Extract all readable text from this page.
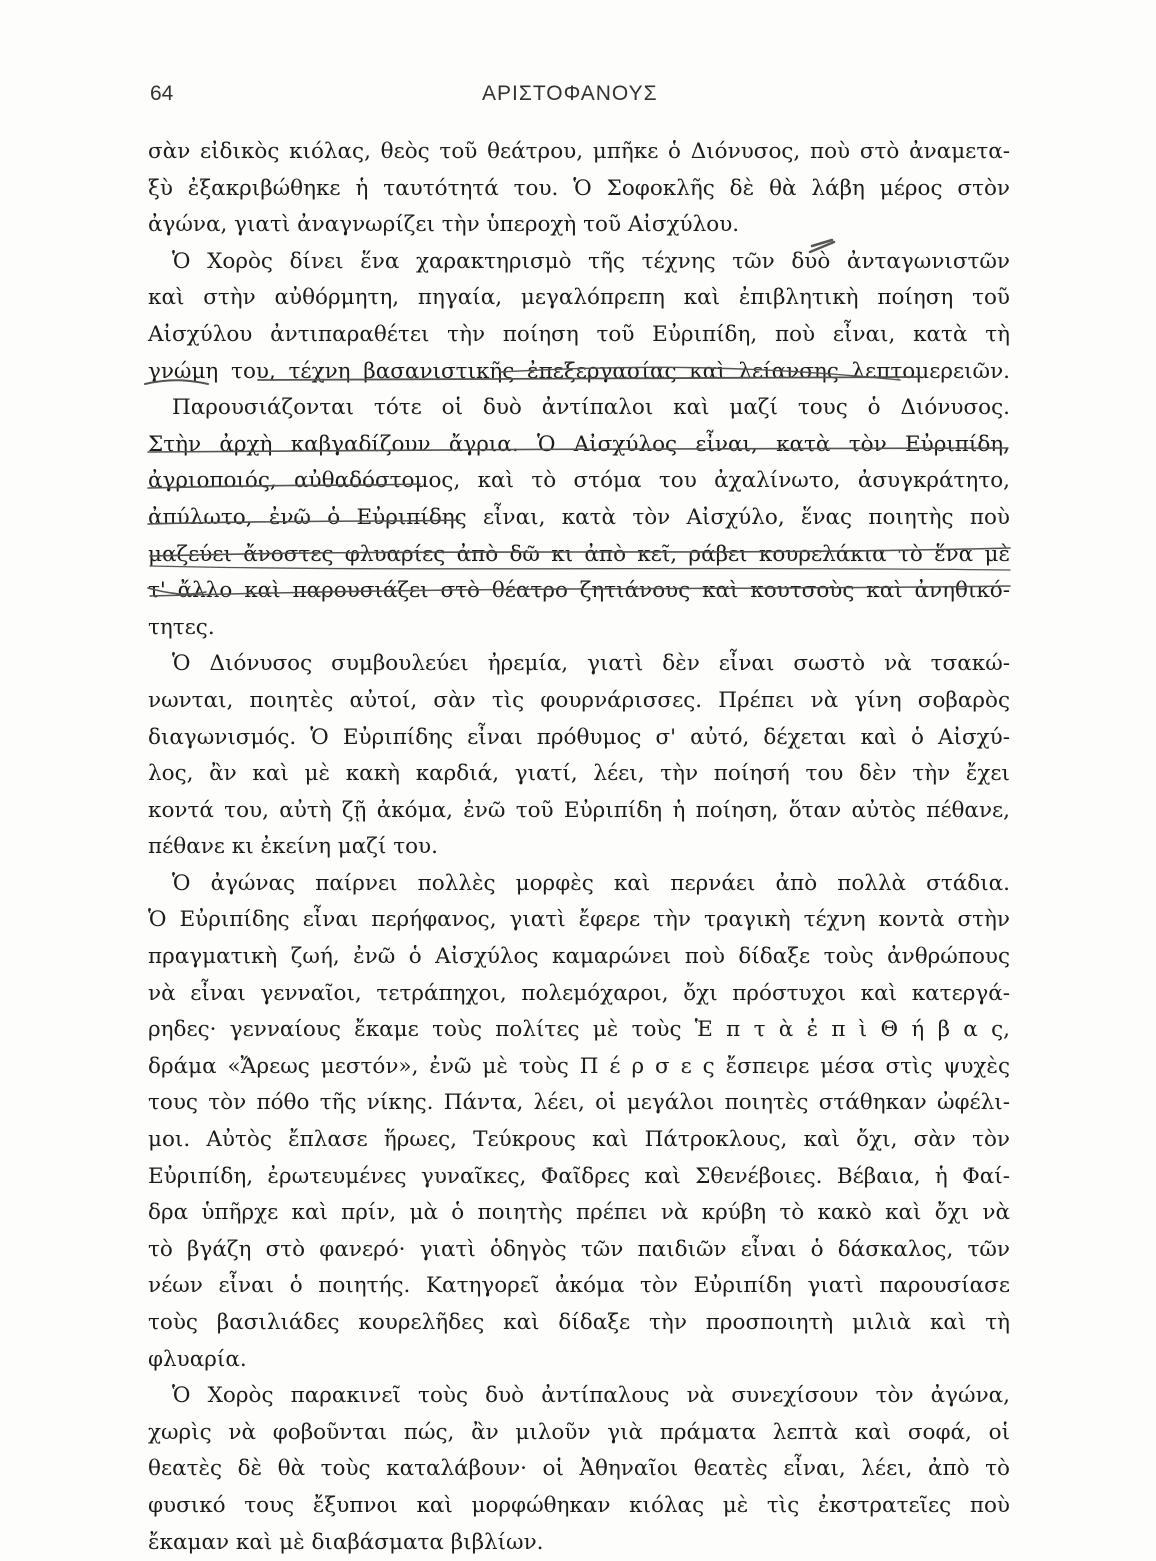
64	ΑΡΙΣΤΟΦΑΝΟΥΣ
σὰν εἰδικὸς κιόλας, θεὸς τοῦ θεάτρου, μπῆκε ὁ Διόνυσος, ποὺ στὸ ἀναμετα-
ξὺ ἐξακριβώθηκε ἡ ταυτότητά του. Ὁ Σοφοκλῆς δὲ θὰ λάβη μέρος στὸν
ἀγώνα, γιατὶ ἀναγνωρίζει τὴν ὑπεροχὴ τοῦ Αἰσχύλου.
Ὁ Χορὸς δίνει ἕνα χαρακτηρισμὸ τῆς τέχνης τῶν δυὸ ἀνταγωνιστῶν
καὶ στὴν αὐθόρμητη, πηγαία, μεγαλόπρεπη καὶ ἐπιβλητικὴ ποίηση τοῦ
Αἰσχύλου ἀντιπαραθέτει τὴν ποίηση τοῦ Εὐριπίδη, ποὺ εἶναι, κατὰ τὴ
γνώμη του, τέχνη βασανιστικῆς ἐπεξεργασίας καὶ λείανσης λεπτομερειῶν.
Παρουσιάζονται τότε οἱ δυὸ ἀντίπαλοι καὶ μαζί τους ὁ Διόνυσος.
Στὴν ἀρχὴ καβγαδίζουν ἄγρια. Ὁ Αἰσχύλος εἶναι, κατὰ τὸν Εὐριπίδη,
ἀγριοποιός, αὐθαδόστομος, καὶ τὸ στόμα του ἀχαλίνωτο, ἀσυγκράτητο,
ἀπύλωτο, ἐνῶ ὁ Εὐριπίδης εἶναι, κατὰ τὸν Αἰσχύλο, ἕνας ποιητὴς ποὺ
μαζεύει ἄνοστες φλυαρίες ἀπὸ δῶ κι ἀπὸ κεῖ, ράβει κουρελάκια τὸ ἕνα μὲ
τ' ἄλλο καὶ παρουσιάζει στὸ θέατρο ζητιάνους καὶ κουτσοὺς καὶ ἀνηθικό-
τητες.
Ὁ Διόνυσος συμβουλεύει ἠρεμία, γιατὶ δὲν εἶναι σωστὸ νὰ τσακώ-
νωνται, ποιητὲς αὐτοί, σὰν τὶς φουρνάρισσες. Πρέπει νὰ γίνη σοβαρὸς
διαγωνισμός. Ὁ Εὐριπίδης εἶναι πρόθυμος σ' αὐτό, δέχεται καὶ ὁ Αἰσχύ-
λος, ἂν καὶ μὲ κακὴ καρδιά, γιατί, λέει, τὴν ποίησή του δὲν τὴν ἔχει
κοντά του, αὐτὴ ζῇ ἀκόμα, ἐνῶ τοῦ Εὐριπίδη ἡ ποίηση, ὅταν αὐτὸς πέθανε,
πέθανε κι ἐκείνη μαζί του.
Ὁ ἀγώνας παίρνει πολλὲς μορφὲς καὶ περνάει ἀπὸ πολλὰ στάδια.
Ὁ Εὐριπίδης εἶναι περήφανος, γιατὶ ἔφερε τὴν τραγικὴ τέχνη κοντὰ στὴν
πραγματικὴ ζωή, ἐνῶ ὁ Αἰσχύλος καμαρώνει ποὺ δίδαξε τοὺς ἀνθρώπους
νὰ εἶναι γενναῖοι, τετράπηχοι, πολεμόχαροι, ὄχι πρόστυχοι καὶ κατεργά-
ρηδες· γενναίους ἔκαμε τοὺς πολίτες μὲ τοὺς Ἑ π τ ὰ ἐ π ὶ Θ ή β α ς,
δράμα «Ἄρεως μεστόν», ἐνῶ μὲ τοὺς Π έ ρ σ ε ς ἔσπειρε μέσα στὶς ψυχὲς
τους τὸν πόθο τῆς νίκης. Πάντα, λέει, οἱ μεγάλοι ποιητὲς στάθηκαν ὠφέλι-
μοι. Αὐτὸς ἔπλασε ἥρωες, Τεύκρους καὶ Πάτροκλους, καὶ ὄχι, σὰν τὸν
Εὐριπίδη, ἐρωτευμένες γυναῖκες, Φαῖδρες καὶ Σθενέβοιες. Βέβαια, ἡ Φαί-
δρα ὑπῆρχε καὶ πρίν, μὰ ὁ ποιητὴς πρέπει νὰ κρύβη τὸ κακὸ καὶ ὄχι νὰ
τὸ βγάζη στὸ φανερό· γιατὶ ὁδηγὸς τῶν παιδιῶν εἶναι ὁ δάσκαλος, τῶν
νέων εἶναι ὁ ποιητής. Κατηγορεῖ ἀκόμα τὸν Εὐριπίδη γιατὶ παρουσίασε
τοὺς βασιλιάδες κουρελῆδες καὶ δίδαξε τὴν προσποιητὴ μιλιὰ καὶ τὴ
φλυαρία.
Ὁ Χορὸς παρακινεῖ τοὺς δυὸ ἀντίπαλους νὰ συνεχίσουν τὸν ἀγώνα,
χωρὶς νὰ φοβοῦνται πώς, ἂν μιλοῦν γιὰ πράματα λεπτὰ καὶ σοφά, οἱ
θεατὲς δὲ θὰ τοὺς καταλάβουν· οἱ Ἀθηναῖοι θεατὲς εἶναι, λέει, ἀπὸ τὸ
φυσικό τους ἔξυπνοι καὶ μορφώθηκαν κιόλας μὲ τὶς ἐκστρατεῖες ποὺ
ἔκαμαν καὶ μὲ διαβάσματα βιβλίων.
